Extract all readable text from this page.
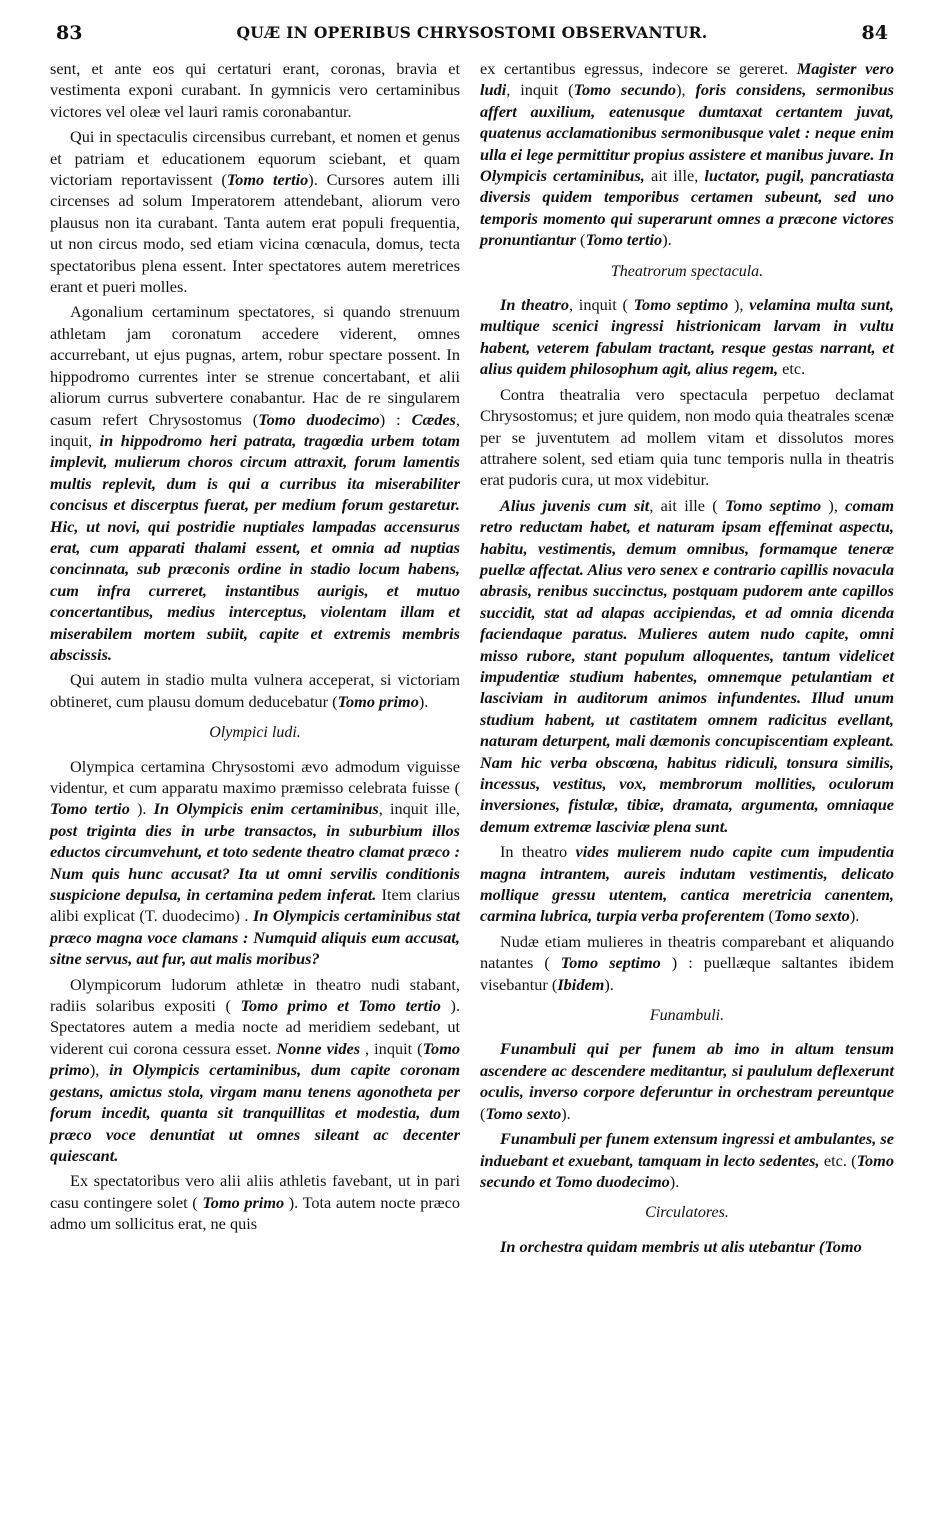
83	QUÆ IN OPERIBUS CHRYSOSTOMI OBSERVANTUR.	84

sent, et ante eos qui certaturi erant, coronas, bravia et vestimenta exponi curabant. In gymnicis vero certaminibus victores vel oleæ vel lauri ramis coronabantur.

Qui in spectaculis circensibus currebant, et nomen et genus et patriam et educationem equorum sciebant, et quam victoriam reportavissent (Tomo tertio). Cursores autem illi circenses ad solum Imperatorem attendebant, aliorum vero plausus non ita curabant. Tanta autem erat populi frequentia, ut non circus modo, sed etiam vicina cœnacula, domus, tecta spectatoribus plena essent. Inter spectatores autem meretrices erant et pueri molles.

Agonalium certaminum spectatores, si quando strenuum athletam jam coronatum accedere viderent, omnes accurrebant, ut ejus pugnas, artem, robur spectare possent. In hippodromo currentes inter se strenue concertabant, et alii aliorum currus subvertere conabantur. Hac de re singularem casum refert Chrysostomus (Tomo duodecimo) : Cædes, inquit, in hippodromo heri patrata, tragœdia urbem totam implevit, mulierum choros circum attraxit, forum lamentis multis replevit, dum is qui a curribus ita miserabiliter concisus et discerptus fuerat, per medium forum gestaretur. Hic, ut novi, qui postridie nuptiales lampadas accensurus erat, cum apparati thalami essent, et omnia ad nuptias concinnata, sub præconis ordine in stadio locum habens, cum infra curreret, instantibus aurigis, et mutuo concertantibus, medius interceptus, violentam illam et miserabilem mortem subiit, capite et extremis membris abscissis.

Qui autem in stadio multa vulnera acceperat, si victoriam obtineret, cum plausu domum deducebatur (Tomo primo).

Olympici ludi.

Olympica certamina Chrysostomi ævo admodum viguisse videntur, et cum apparatu maximo præmisso celebrata fuisse ( Tomo tertio ). In Olympicis enim certaminibus, inquit ille, post triginta dies in urbe transactos, in suburbium illos eductos circumvehunt, et toto sedente theatro clamat præco : Num quis hunc accusat? Ita ut omni servilis conditionis suspicione depulsa, in certamina pedem inferat. Item clarius alibi explicat (T. duodecimo) . In Olympicis certaminibus stat præco magna voce clamans : Numquid aliquis eum accusat, sitne servus, aut fur, aut malis moribus?

Olympicorum ludorum athletæ in theatro nudi stabant, radiis solaribus expositi ( Tomo primo et Tomo tertio ). Spectatores autem a media nocte ad meridiem sedebant, ut viderent cui corona cessura esset. Nonne vides , inquit (Tomo primo), in Olympicis certaminibus, dum capite coronam gestans, amictus stola, virgam manu tenens agonotheta per forum incedit, quanta sit tranquillitas et modestia, dum præco voce denuntiat ut omnes sileant ac decenter quiescant.

Ex spectatoribus vero alii aliis athletis favebant, ut in pari casu contingere solet ( Tomo primo ). Tota autem nocte præco admo um sollicitus erat, ne quis

ex certantibus egressus, indecore se gereret. Magister vero ludi, inquit (Tomo secundo), foris considens, sermonibus affert auxilium, eatenusque dumtaxat certantem juvat, quatenus acclamationibus sermonibusque valet : neque enim ulla ei lege permittitur propius assistere et manibus juvare. In Olympicis certaminibus, ait ille, luctator, pugil, pancratiasta diversis quidem temporibus certamen subeunt, sed uno temporis momento qui superarunt omnes a præcone victores pronuntiantur (Tomo tertio).

Theatrorum spectacula.

In theatro, inquit ( Tomo septimo ), velamina multa sunt, multique scenici ingressi histrionicam larvam in vultu habent, veterem fabulam tractant, resque gestas narrant, et alius quidem philosophum agit, alius regem, etc.

Contra theatralia vero spectacula perpetuo declamat Chrysostomus; et jure quidem, non modo quia theatrales scenæ per se juventutem ad mollem vitam et dissolutos mores attrahere solent, sed etiam quia tunc temporis nulla in theatris erat pudoris cura, ut mox videbitur.

Alius juvenis cum sit, ait ille ( Tomo septimo ), comam retro reductam habet, et naturam ipsam effeminat aspectu, habitu, vestimentis, demum omnibus, formamque teneræ puellæ affectat. Alius vero senex e contrario capillis novacula abrasis, renibus succinctus, postquam pudorem ante capillos succidit, stat ad alapas accipiendas, et ad omnia dicenda faciendaque paratus. Mulieres autem nudo capite, omni misso rubore, stant populum alloquentes, tantum videlicet impudentiæ studium habentes, omnemque petulantiam et lasciviam in auditorum animos infundentes. Illud unum studium habent, ut castitatem omnem radicitus evellant, naturam deturpent, mali dæmonis concupiscentiam expleant. Nam hic verba obscœna, habitus ridiculi, tonsura similis, incessus, vestitus, vox, membrorum mollities, oculorum inversiones, fistulæ, tibiæ, dramata, argumenta, omniaque demum extremæ lasciviæ plena sunt.

In theatro vides mulierem nudo capite cum impudentia magna intrantem, aureis indutam vestimentis, delicato mollique gressu utentem, cantica meretricia canentem, carmina lubrica, turpia verba proferentem (Tomo sexto).

Nudæ etiam mulieres in theatris comparebant et aliquando natantes ( Tomo septimo ) : puellæque saltantes ibidem visebantur (Ibidem).

Funambuli.

Funambuli qui per funem ab imo in altum tensum ascendere ac descendere meditantur, si paululum deflexerunt oculis, inverso corpore deferuntur in orchestram pereuntque (Tomo sexto).

Funambuli per funem extensum ingressi et ambulantes, se induebant et exuebant, tamquam in lecto sedentes, etc. (Tomo secundo et Tomo duodecimo).

Circulatores.

In orchestra quidam membris ut alis utebantur (Tomo
